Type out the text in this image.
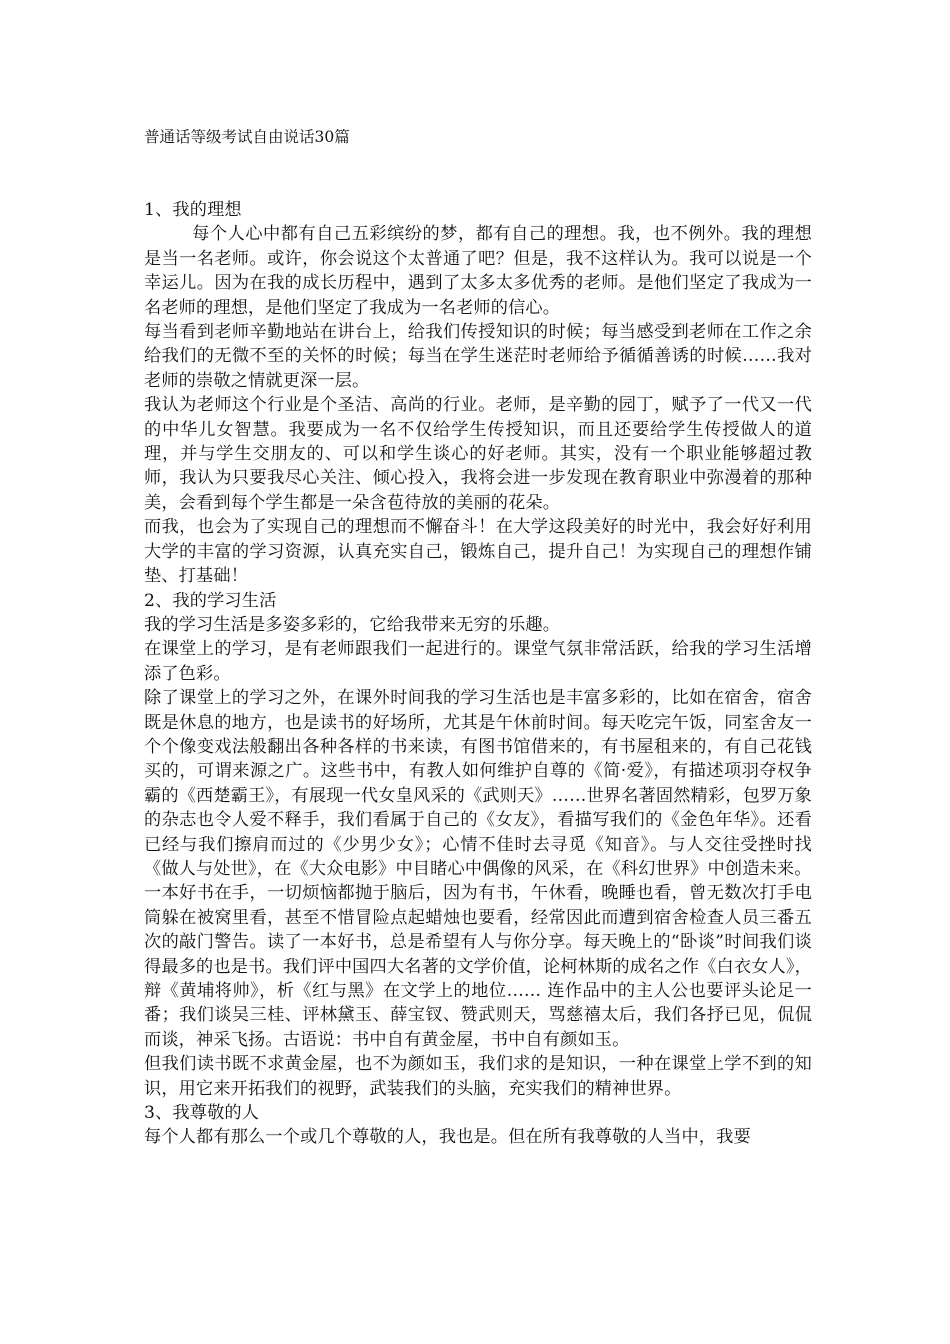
普通话等级考试自由说话30篇

1、我的理想

每个人心中都有自己五彩缤纷的梦，都有自己的理想。我，也不例外。我的理想是当一名老师。或许，你会说这个太普通了吧？但是，我不这样认为。我可以说是一个幸运儿。因为在我的成长历程中，遇到了太多太多优秀的老师。是他们坚定了我成为一名老师的理想，是他们坚定了我成为一名老师的信心。

每当看到老师辛勤地站在讲台上，给我们传授知识的时候；每当感受到老师在工作之余给我们的无微不至的关怀的时候；每当在学生迷茫时老师给予循循善诱的时候……我对老师的崇敬之情就更深一层。

我认为老师这个行业是个圣洁、高尚的行业。老师，是辛勤的园丁，赋予了一代又一代的中华儿女智慧。我要成为一名不仅给学生传授知识，而且还要给学生传授做人的道理，并与学生交朋友的、可以和学生谈心的好老师。其实，没有一个职业能够超过教师，我认为只要我尽心关注、倾心投入，我将会进一步发现在教育职业中弥漫着的那种美，会看到每个学生都是一朵含苞待放的美丽的花朵。

而我，也会为了实现自己的理想而不懈奋斗！在大学这段美好的时光中，我会好好利用大学的丰富的学习资源，认真充实自己，锻炼自己，提升自己！为实现自己的理想作铺垫、打基础！

2、我的学习生活

我的学习生活是多姿多彩的，它给我带来无穷的乐趣。

在课堂上的学习，是有老师跟我们一起进行的。课堂气氛非常活跃，给我的学习生活增添了色彩。

除了课堂上的学习之外，在课外时间我的学习生活也是丰富多彩的，比如在宿舍，宿舍既是休息的地方，也是读书的好场所，尤其是午休前时间。每天吃完午饭，同室舍友一个个像变戏法般翻出各种各样的书来读，有图书馆借来的，有书屋租来的，有自己花钱买的，可谓来源之广。这些书中，有教人如何维护自尊的《简·爱》，有描述项羽夺权争霸的《西楚霸王》，有展现一代女皇风采的《武则天》……世界名著固然精彩，包罗万象的杂志也令人爱不释手，我们看属于自己的《女友》，看描写我们的《金色年华》。还看已经与我们擦肩而过的《少男少女》；心情不佳时去寻觅《知音》。与人交往受挫时找《做人与处世》，在《大众电影》中目睹心中偶像的风采，在《科幻世界》中创造未来。

一本好书在手，一切烦恼都抛于脑后，因为有书，午休看，晚睡也看，曾无数次打手电筒躲在被窝里看，甚至不惜冒险点起蜡烛也要看，经常因此而遭到宿舍检查人员三番五次的敲门警告。读了一本好书，总是希望有人与你分享。每天晚上的“卧谈”时间我们谈得最多的也是书。我们评中国四大名著的文学价值，论柯林斯的成名之作《白衣女人》，辩《黄埔将帅》，析《红与黑》在文学上的地位…… 连作品中的主人公也要评头论足一番；我们谈吴三桂、评林黛玉、薛宝钗、赞武则天，骂慈禧太后，我们各抒已见，侃侃而谈，神采飞扬。古语说：书中自有黄金屋，书中自有颜如玉。

但我们读书既不求黄金屋，也不为颜如玉，我们求的是知识，一种在课堂上学不到的知识，用它来开拓我们的视野，武装我们的头脑，充实我们的精神世界。

3、我尊敬的人

每个人都有那么一个或几个尊敬的人，我也是。但在所有我尊敬的人当中，我要
